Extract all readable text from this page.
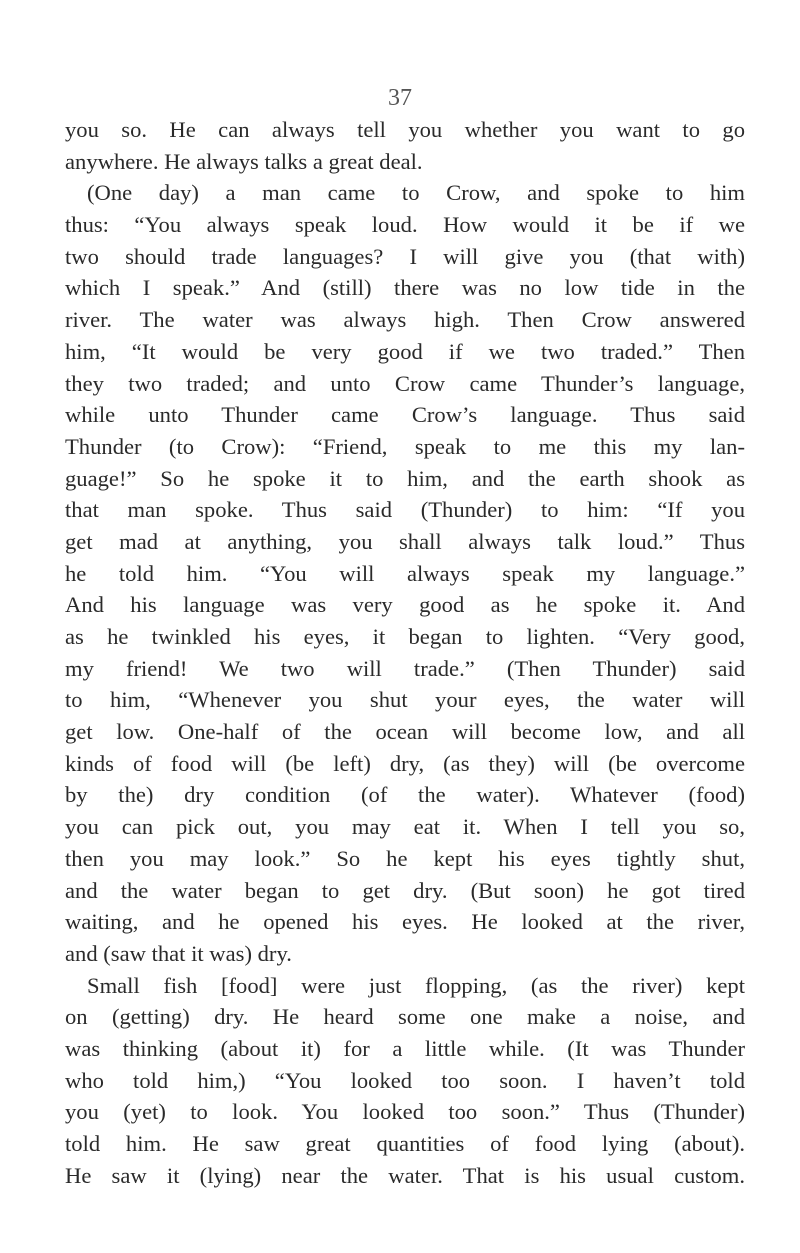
37
you so. He can always tell you whether you want to go
anywhere. He always talks a great deal.
(One day) a man came to Crow, and spoke to him
thus: “You always speak loud. How would it be if we
two should trade languages? I will give you (that with)
which I speak.” And (still) there was no low tide in the
river. The water was always high. Then Crow answered
him, “It would be very good if we two traded.” Then
they two traded; and unto Crow came Thunder’s language,
while unto Thunder came Crow’s language. Thus said
Thunder (to Crow): “Friend, speak to me this my lan-
guage!” So he spoke it to him, and the earth shook as
that man spoke. Thus said (Thunder) to him: “If you
get mad at anything, you shall always talk loud.” Thus
he told him. “You will always speak my language.”
And his language was very good as he spoke it. And
as he twinkled his eyes, it began to lighten. “Very good,
my friend! We two will trade.” (Then Thunder) said
to him, “Whenever you shut your eyes, the water will
get low. One-half of the ocean will become low, and all
kinds of food will (be left) dry, (as they) will (be overcome
by the) dry condition (of the water). Whatever (food)
you can pick out, you may eat it. When I tell you so,
then you may look.” So he kept his eyes tightly shut,
and the water began to get dry. (But soon) he got tired
waiting, and he opened his eyes. He looked at the river,
and (saw that it was) dry.
Small fish [food] were just flopping, (as the river) kept
on (getting) dry. He heard some one make a noise, and
was thinking (about it) for a little while. (It was Thunder
who told him,) “You looked too soon. I haven’t told
you (yet) to look. You looked too soon.” Thus (Thunder)
told him. He saw great quantities of food lying (about).
He saw it (lying) near the water. That is his usual custom.
